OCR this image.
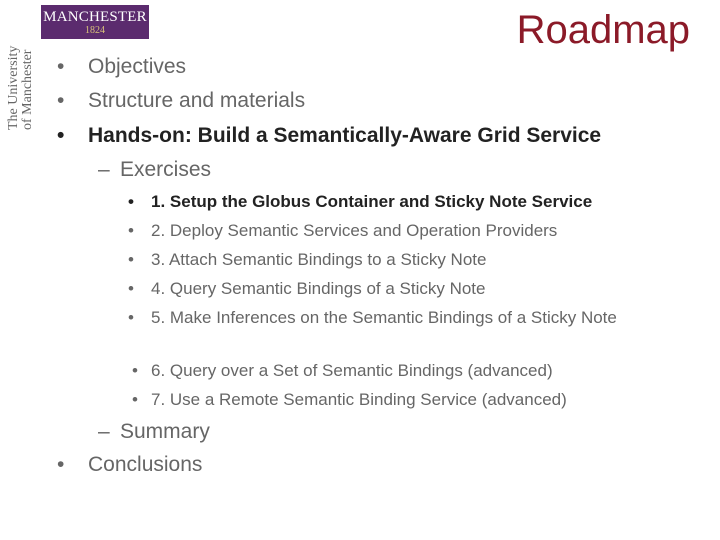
MANCHESTER
1824
The University of Manchester
Roadmap
• Objectives
• Structure and materials
• Hands-on: Build a Semantically-Aware Grid Service
– Exercises
• 1. Setup the Globus Container and Sticky Note Service
• 2. Deploy Semantic Services and Operation Providers
• 3. Attach Semantic Bindings to a Sticky Note
• 4. Query Semantic Bindings of a Sticky Note
• 5. Make Inferences on the Semantic Bindings of a Sticky Note
• 6. Query over a Set of Semantic Bindings (advanced)
• 7. Use a Remote Semantic Binding Service (advanced)
– Summary
• Conclusions
